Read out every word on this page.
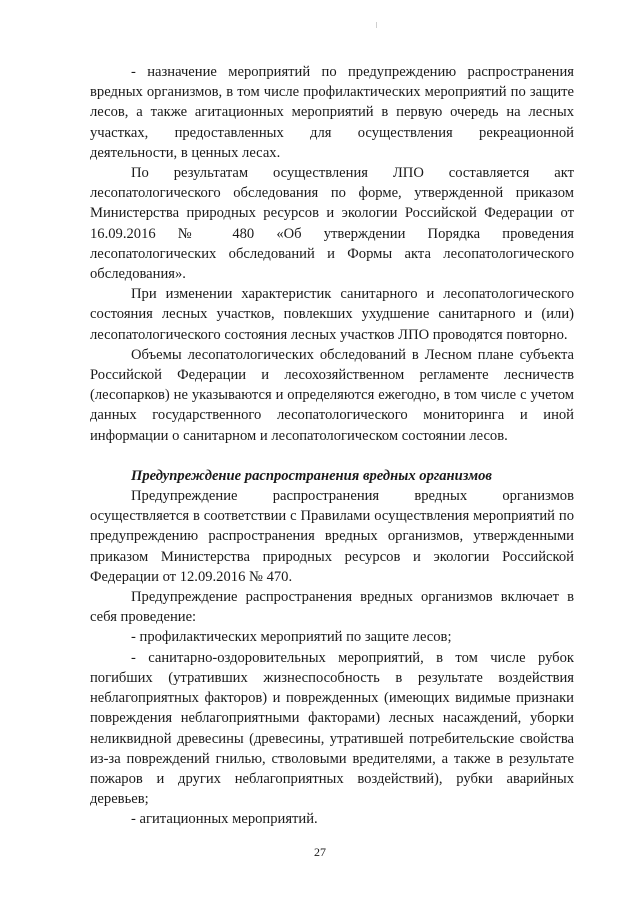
- назначение мероприятий по предупреждению распространения вредных организмов, в том числе профилактических мероприятий по защите лесов, а также агитационных мероприятий в первую очередь на лесных участках, предоставленных для осуществления рекреационной деятельности, в ценных лесах.

По результатам осуществления ЛПО составляется акт лесопатологического обследования по форме, утвержденной приказом Министерства природных ресурсов и экологии Российской Федерации от 16.09.2016 № 480 «Об утверждении Порядка проведения лесопатологических обследований и Формы акта лесопатологического обследования».

При изменении характеристик санитарного и лесопатологического состояния лесных участков, повлекших ухудшение санитарного и (или) лесопатологического состояния лесных участков ЛПО проводятся повторно.

Объемы лесопатологических обследований в Лесном плане субъекта Российской Федерации и лесохозяйственном регламенте лесничеств (лесопарков) не указываются и определяются ежегодно, в том числе с учетом данных государственного лесопатологического мониторинга и иной информации о санитарном и лесопатологическом состоянии лесов.

Предупреждение распространения вредных организмов

Предупреждение распространения вредных организмов осуществляется в соответствии с Правилами осуществления мероприятий по предупреждению распространения вредных организмов, утвержденными приказом Министерства природных ресурсов и экологии Российской Федерации от 12.09.2016 № 470.

Предупреждение распространения вредных организмов включает в себя проведение:

- профилактических мероприятий по защите лесов;

- санитарно-оздоровительных мероприятий, в том числе рубок погибших (утративших жизнеспособность в результате воздействия неблагоприятных факторов) и поврежденных (имеющих видимые признаки повреждения неблагоприятными факторами) лесных насаждений, уборки неликвидной древесины (древесины, утратившей потребительские свойства из-за повреждений гнилью, стволовыми вредителями, а также в результате пожаров и других неблагоприятных воздействий), рубки аварийных деревьев;

- агитационных мероприятий.

27
